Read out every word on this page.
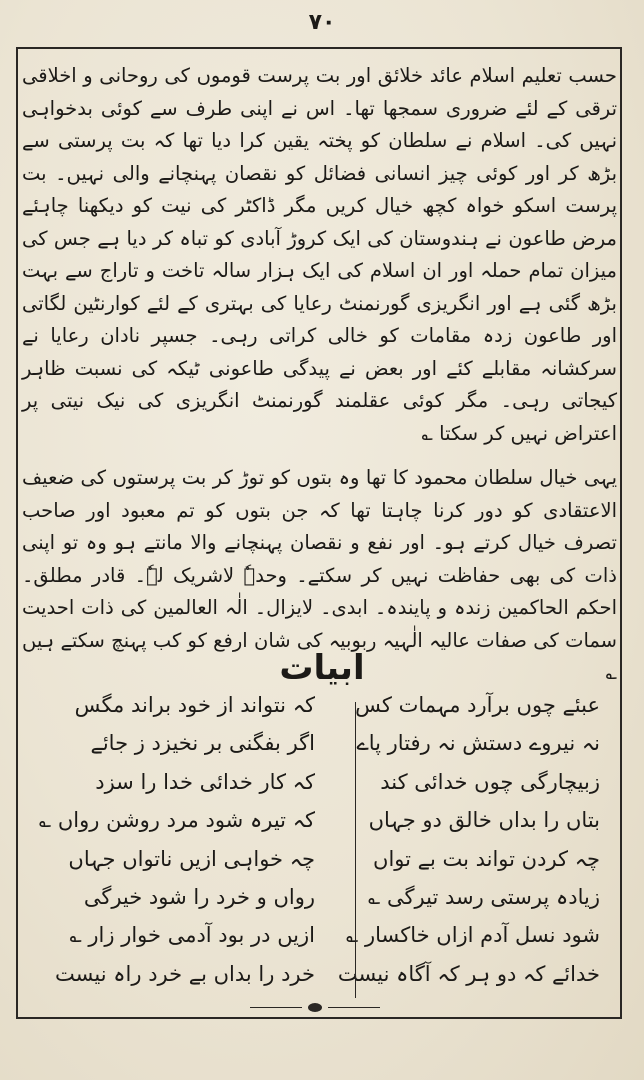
۷۰

حسب تعلیم اسلام عائد خلائق اور بت پرست قوموں کی روحانی و اخلاقی ترقی کے لئے ضروری سمجھا تھا۔ اس نے اپنی طرف سے کوئی بدخواہی نہیں کی۔ اسلام نے سلطان کو پختہ یقین کرا دیا تھا کہ بت پرستی سے بڑھ کر اور کوئی چیز انسانی فضائل کو نقصان پہنچانے والی نہیں۔ بت پرست اسکو خواہ کچھ خیال کریں مگر ڈاکٹر کی نیت کو دیکھنا چاہئے مرض طاعون نے ہندوستان کی ایک کروڑ آبادی کو تباہ کر دیا ہے جس کی میزان تمام حملہ اور ان اسلام کی ایک ہزار سالہ تاخت و تاراج سے بہت بڑھ گئی ہے اور انگریزی گورنمنٹ رعایا کی بہتری کے لئے کوارنٹین لگاتی اور طاعون زدہ مقامات کو خالی کراتی رہی۔ جسپر نادان رعایا نے سرکشانہ مقابلے کئے اور بعض نے پیدگی طاعونی ٹیکہ کی نسبت ظاہر کیجاتی رہی۔ مگر کوئی عقلمند گورنمنٹ انگریزی کی نیک نیتی پر اعتراض نہیں کر سکتا ؎

یہی خیال سلطان محمود کا تھا وہ بتوں کو توڑ کر بت پرستوں کی ضعیف الاعتقادی کو دور کرنا چاہتا تھا کہ جن بتوں کو تم معبود اور صاحب تصرف خیال کرتے ہو۔ اور نفع و نقصان پہنچانے والا مانتے ہو وہ تو اپنی ذات کی بھی حفاظت نہیں کر سکتے۔ وحدہٗ لاشریک لہٗ۔ قادر مطلق۔ احکم الحاکمین زندہ و پایندہ۔ ابدی۔ لایزال۔ الٰہ العالمین کی ذات احدیت سمات کی صفات عالیہ الٰہیہ ربوبیہ کی شان ارفع کو کب پہنچ سکتے ہیں ؎

ابیات
عبئے چوں برآرد مہمات کس
نہ نیروے دستش نہ رفتار پاے
زبیچارگی چوں خدائی کند
بتاں را بداں خالق دو جہاں
چہ کردن تواند بت بے تواں
زیادہ پرستی رسد تیرگی ؎
شود نسل آدم ازاں خاکسار ؎
خدائے کہ دو ہر کہ آگاہ نیست
کہ نتواند از خود براند مگس
اگر بفگنی بر نخیزد ز جائے
کہ کار خدائی خدا را سزد
کہ تیرہ شود مرد روشن رواں ؎
چہ خواہی ازیں ناتواں جہاں
رواں و خرد را شود خیرگی
ازیں در بود آدمی خوار زار ؎
خرد را بداں بے خرد راہ نیست
